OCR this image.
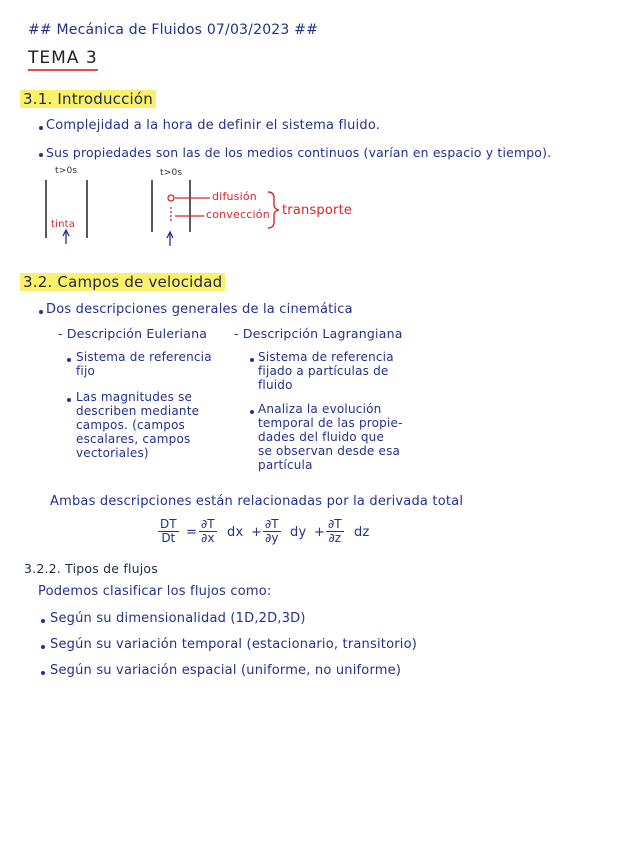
## Mecánica de Fluidos 07/03/2023 ##
TEMA 3
3.1. Introducción
Complejidad a la hora de definir el sistema fluido.
Sus propiedades son las de los medios continuos (varían en espacio y tiempo).
t>0s
tinta
t>0s
difusión
convección transporte
3.2. Campos de velocidad
Dos descripciones generales de la cinemática
- Descripción Euleriana - Descripción Lagrangiana
Sistema de referencia
fijo
Las magnitudes se
describen mediante
campos. (campos
escalares, campos
vectoriales)
Sistema de referencia
fijado a partículas de
fluido
Analiza la evolución
temporal de las propie-
dades del fluido que
se observan desde esa
partícula
Ambas descripciones están relacionadas por la derivada total
$\frac{DT}{Dt} = \frac{\partial T}{\partial x}$ dx + $\frac{\partial T}{\partial y}$ dy + $\frac{\partial T}{\partial z}$ dz
3.2.2. Tipos de flujos
Podemos clasificar los flujos como:
Según su dimensionalidad (1D,2D,3D)
Según su variación temporal (estacionario, transitorio)
Según su variación espacial (uniforme, no uniforme)
